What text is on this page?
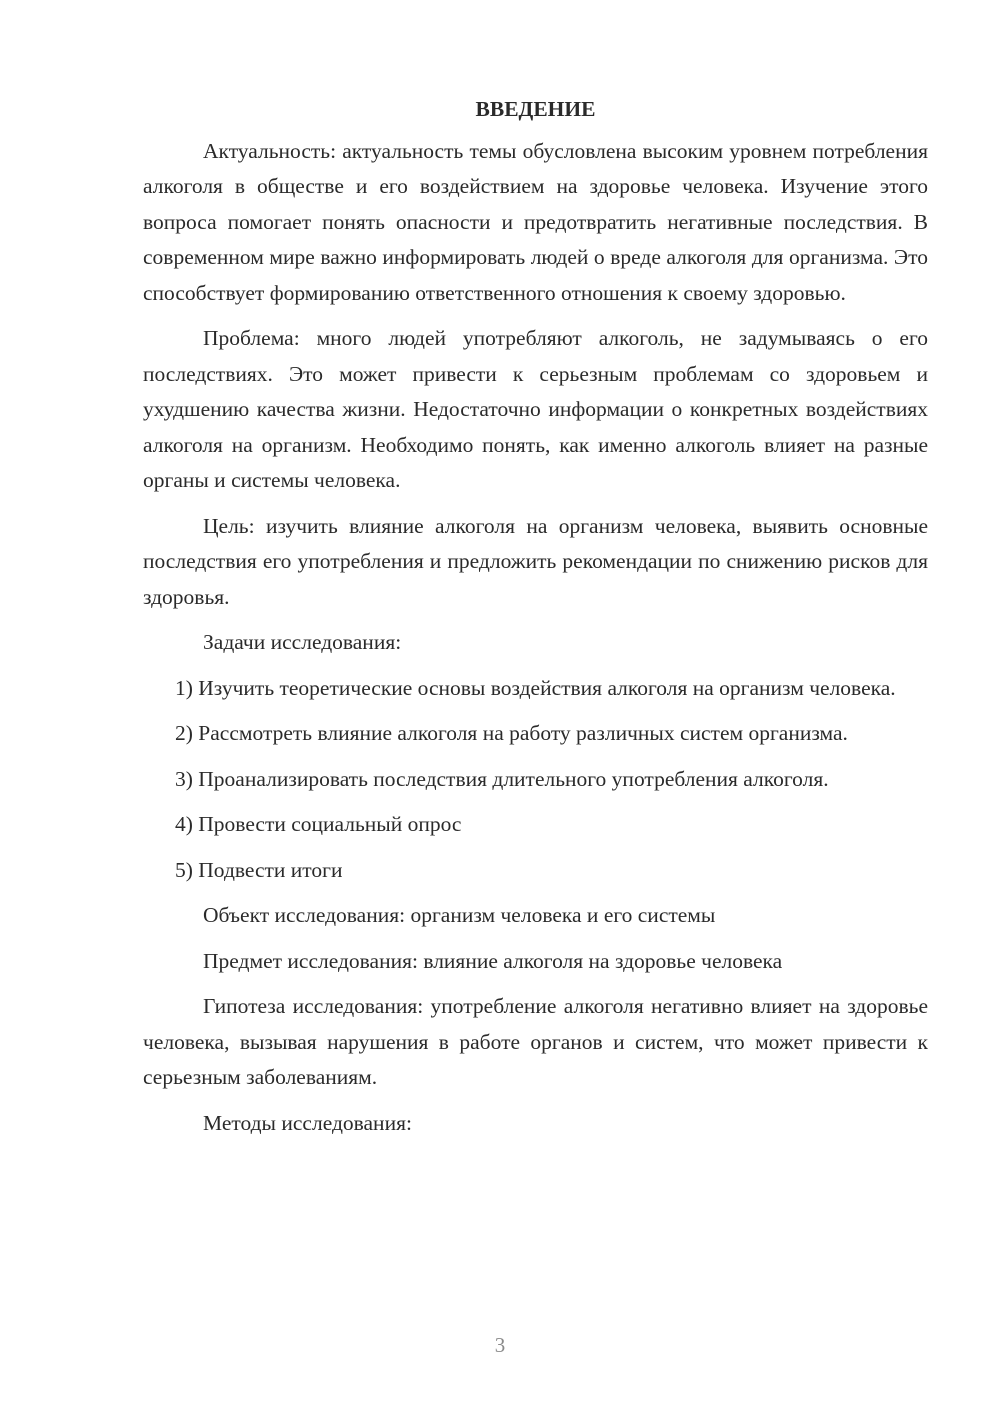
ВВЕДЕНИЕ

Актуальность: актуальность темы обусловлена высоким уровнем потребления алкоголя в обществе и его воздействием на здоровье человека. Изучение этого вопроса помогает понять опасности и предотвратить негативные последствия. В современном мире важно информировать людей о вреде алкоголя для организма. Это способствует формированию ответственного отношения к своему здоровью.

Проблема: много людей употребляют алкоголь, не задумываясь о его последствиях. Это может привести к серьезным проблемам со здоровьем и ухудшению качества жизни. Недостаточно информации о конкретных воздействиях алкоголя на организм. Необходимо понять, как именно алкоголь влияет на разные органы и системы человека.

Цель: изучить влияние алкоголя на организм человека, выявить основные последствия его употребления и предложить рекомендации по снижению рисков для здоровья.

Задачи исследования:

1) Изучить теоретические основы воздействия алкоголя на организм человека.

2) Рассмотреть влияние алкоголя на работу различных систем организма.

3) Проанализировать последствия длительного употребления алкоголя.

4) Провести социальный опрос

5) Подвести итоги

Объект исследования: организм человека и его системы

Предмет исследования: влияние алкоголя на здоровье человека

Гипотеза исследования: употребление алкоголя негативно влияет на здоровье человека, вызывая нарушения в работе органов и систем, что может привести к серьезным заболеваниям.

Методы исследования:

3
